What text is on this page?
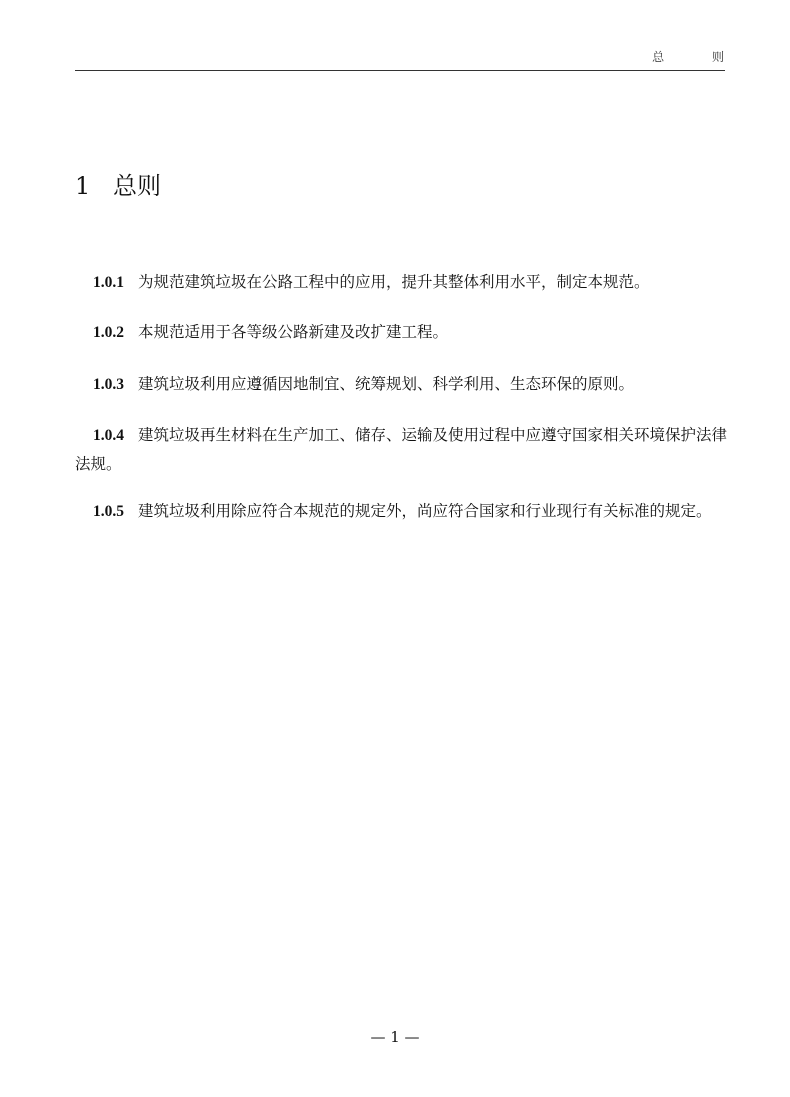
总 则
1 总则

1.0.1 为规范建筑垃圾在公路工程中的应用，提升其整体利用水平，制定本规范。

1.0.2 本规范适用于各等级公路新建及改扩建工程。

1.0.3 建筑垃圾利用应遵循因地制宜、统筹规划、科学利用、生态环保的原则。

1.0.4 建筑垃圾再生材料在生产加工、储存、运输及使用过程中应遵守国家相关环境保护法律法规。

1.0.5 建筑垃圾利用除应符合本规范的规定外，尚应符合国家和行业现行有关标准的规定。

— 1 —
